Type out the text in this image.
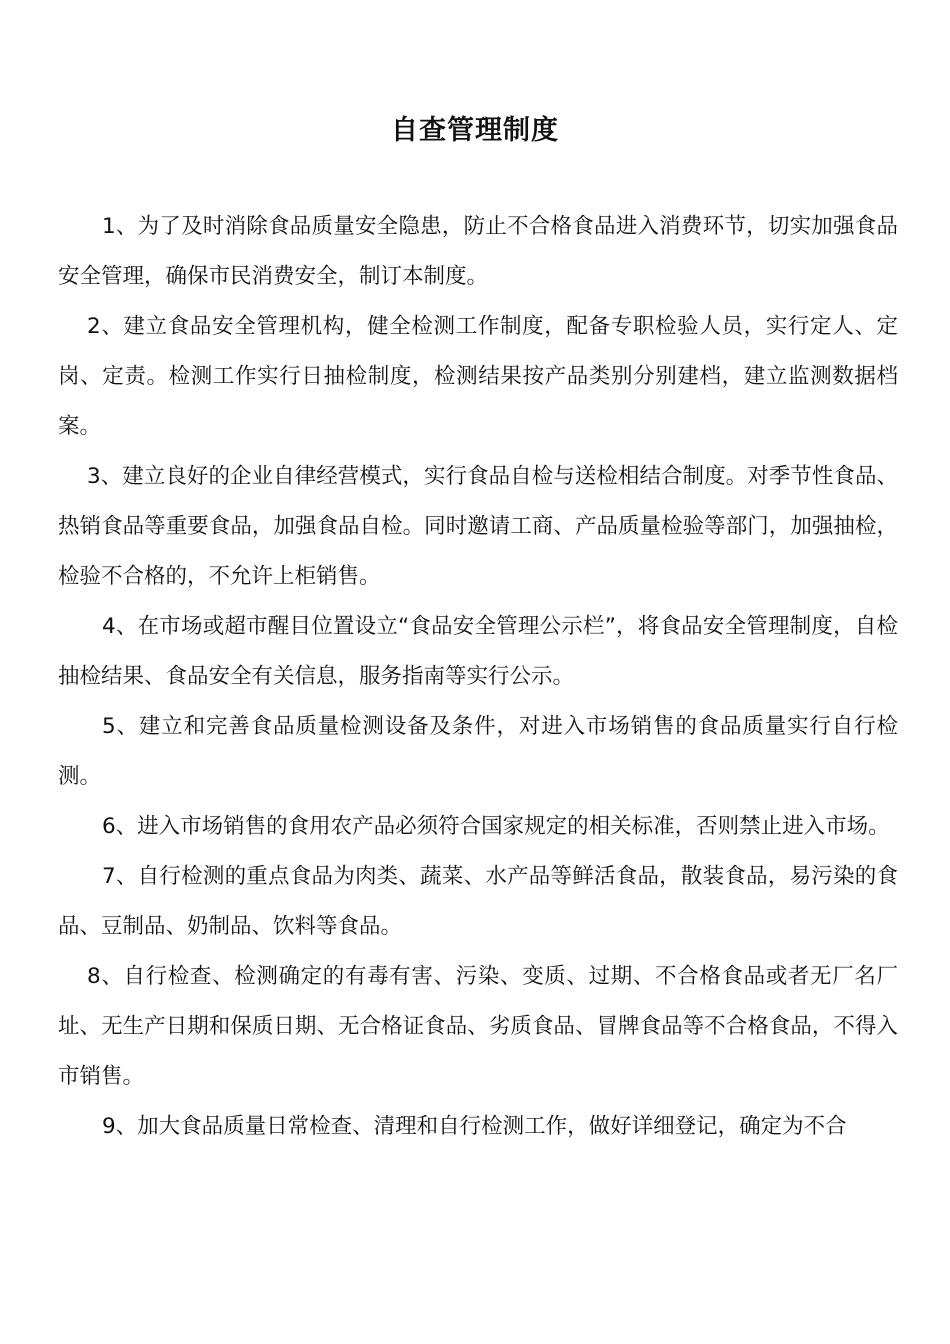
自查管理制度

1、为了及时消除食品质量安全隐患，防止不合格食品进入消费环节，切实加强食品安全管理，确保市民消费安全，制订本制度。

2、建立食品安全管理机构，健全检测工作制度，配备专职检验人员，实行定人、定岗、定责。检测工作实行日抽检制度，检测结果按产品类别分别建档，建立监测数据档案。

3、建立良好的企业自律经营模式，实行食品自检与送检相结合制度。对季节性食品、热销食品等重要食品，加强食品自检。同时邀请工商、产品质量检验等部门，加强抽检，检验不合格的，不允许上柜销售。

4、在市场或超市醒目位置设立“食品安全管理公示栏”，将食品安全管理制度，自检抽检结果、食品安全有关信息，服务指南等实行公示。

5、建立和完善食品质量检测设备及条件，对进入市场销售的食品质量实行自行检测。

6、进入市场销售的食用农产品必须符合国家规定的相关标准，否则禁止进入市场。

7、自行检测的重点食品为肉类、蔬菜、水产品等鲜活食品，散装食品，易污染的食品、豆制品、奶制品、饮料等食品。

8、自行检查、检测确定的有毒有害、污染、变质、过期、不合格食品或者无厂名厂址、无生产日期和保质日期、无合格证食品、劣质食品、冒牌食品等不合格食品，不得入市销售。

9、加大食品质量日常检查、清理和自行检测工作，做好详细登记，确定为不合
